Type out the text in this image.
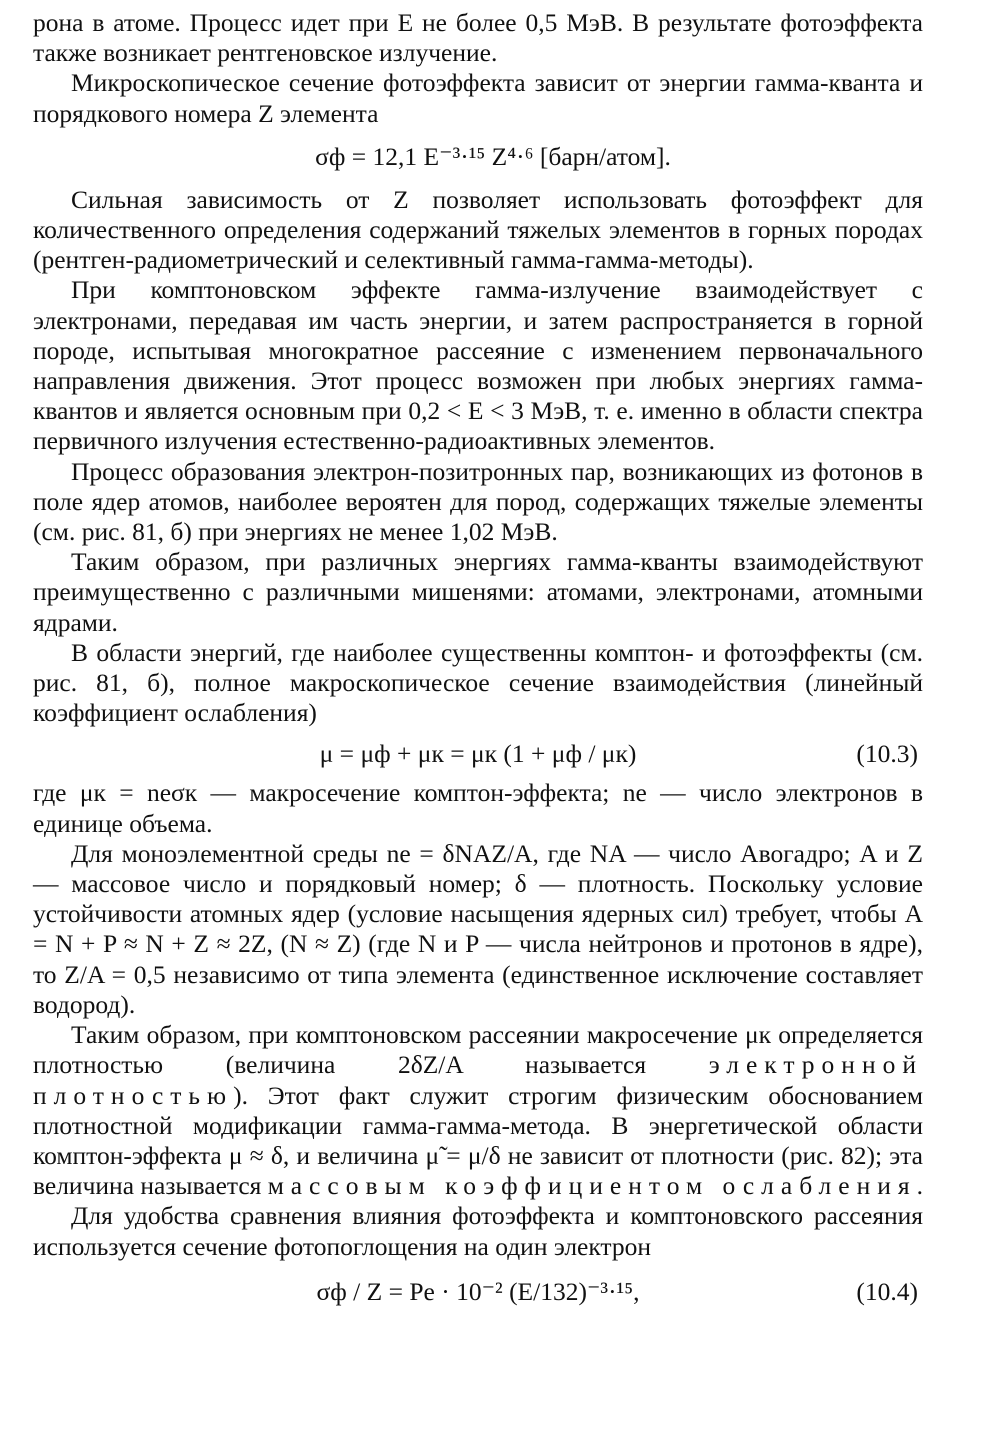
рона в атоме. Процесс идет при E не более 0,5 МэВ. В результате фотоэффекта также возникает рентгеновское излучение.

Микроскопическое сечение фотоэффекта зависит от энергии гамма-кванта и порядкового номера Z элемента

σф = 12,1 E⁻³·¹⁵ Z⁴·⁶ [барн/атом].

Сильная зависимость от Z позволяет использовать фотоэффект для количественного определения содержаний тяжелых элементов в горных породах (рентген-радиометрический и селективный гамма-гамма-методы).

При комптоновском эффекте гамма-излучение взаимодействует с электронами, передавая им часть энергии, и затем распространяется в горной породе, испытывая многократное рассеяние с изменением первоначального направления движения. Этот процесс возможен при любых энергиях гамма-квантов и является основным при 0,2 < E < 3 МэВ, т. е. именно в области спектра первичного излучения естественно-радиоактивных элементов.

Процесс образования электрон-позитронных пар, возникающих из фотонов в поле ядер атомов, наиболее вероятен для пород, содержащих тяжелые элементы (см. рис. 81, б) при энергиях не менее 1,02 МэВ.

Таким образом, при различных энергиях гамма-кванты взаимодействуют преимущественно с различными мишенями: атомами, электронами, атомными ядрами.

В области энергий, где наиболее существенны комптон- и фотоэффекты (см. рис. 81, б), полное макроскопическое сечение взаимодействия (линейный коэффициент ослабления)

μ = μф + μк = μк (1 + μф / μк)	(10.3)

где μк = neσк — макросечение комптон-эффекта; ne — число электронов в единице объема.

Для моноэлементной среды ne = δNAZ/A, где NA — число Авогадро; A и Z — массовое число и порядковый номер; δ — плотность. Поскольку условие устойчивости атомных ядер (условие насыщения ядерных сил) требует, чтобы A = N + P ≈ N + Z ≈ 2Z, (N ≈ Z) (где N и P — числа нейтронов и протонов в ядре), то Z/A = 0,5 независимо от типа элемента (единственное исключение составляет водород).

Таким образом, при комптоновском рассеянии макросечение μк определяется плотностью (величина 2δZ/A называется электронной плотностью). Этот факт служит строгим физическим обоснованием плотностной модификации гамма-гамма-метода. В энергетической области комптон-эффекта μ ≈ δ, и величина μ̃ = μ/δ не зависит от плотности (рис. 82); эта величина называется массовым коэффициентом ослабления.

Для удобства сравнения влияния фотоэффекта и комптоновского рассеяния используется сечение фотопоглощения на один электрон

σф / Z = Pe · 10⁻² (E/132)⁻³·¹⁵,	(10.4)
